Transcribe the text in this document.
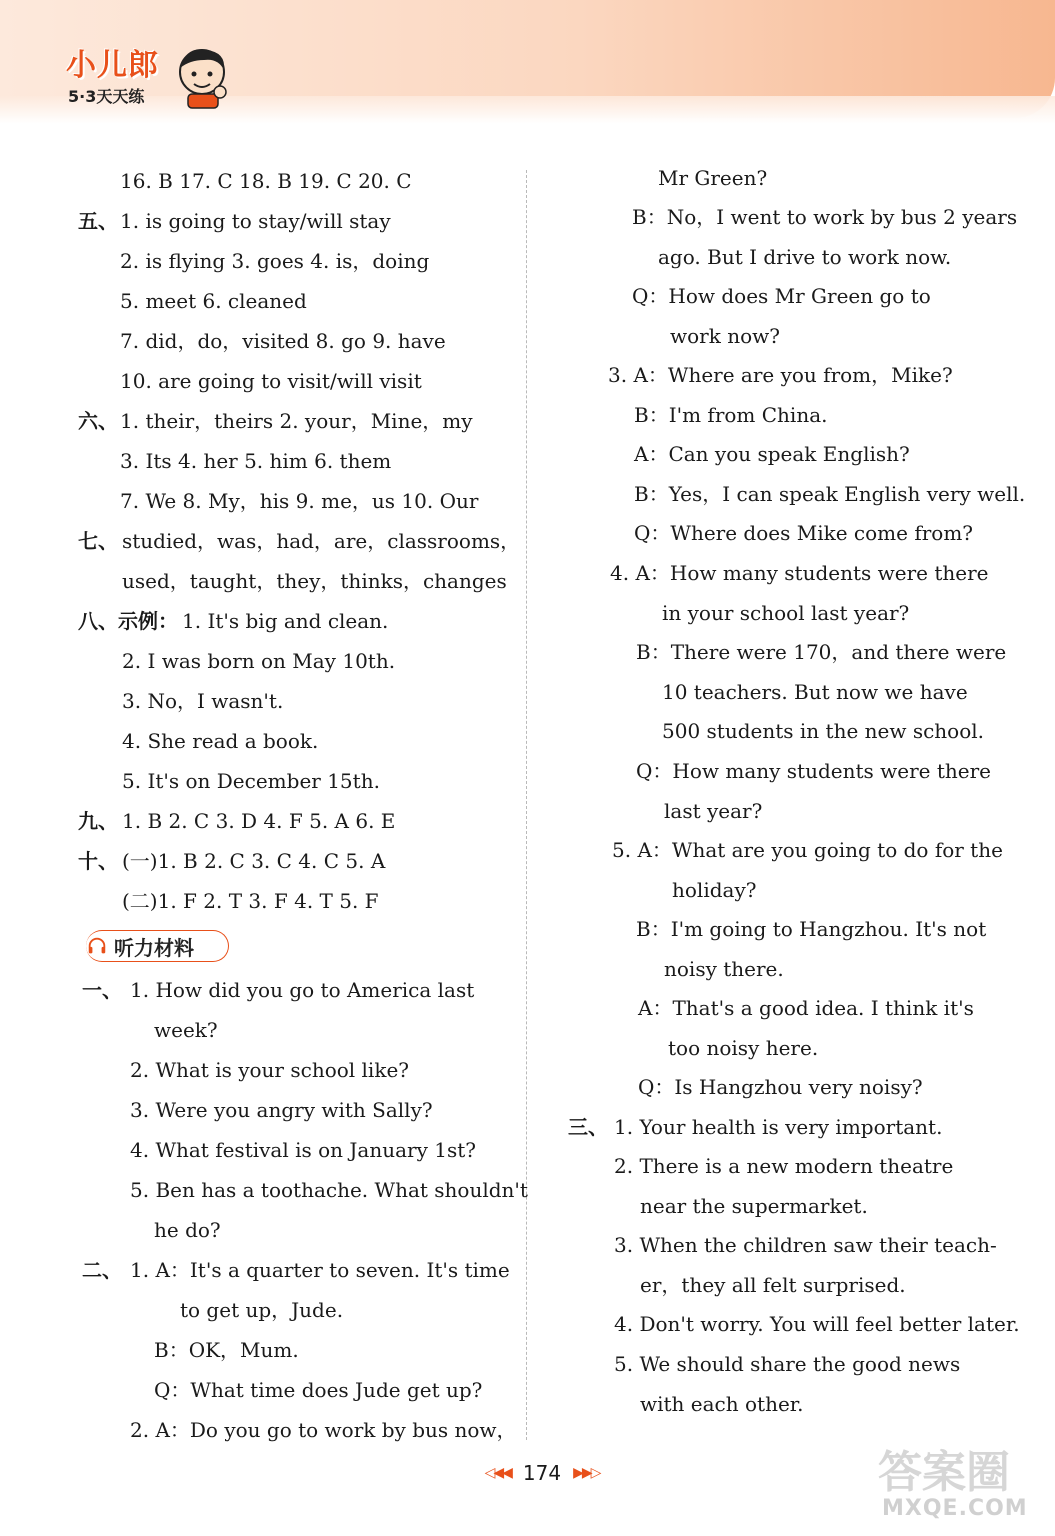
小儿郎
5·3天天练
16. B 17. C 18. B 19. C 20. C
五、 1. is going to stay/will stay
2. is flying 3. goes 4. is，doing
5. meet 6. cleaned
7. did，do，visited 8. go 9. have
10. are going to visit/will visit
六、 1. their，theirs 2. your，Mine，my
3. Its 4. her 5. him 6. them
7. We 8. My，his 9. me，us 10. Our
七、 studied，was，had，are，classrooms，
used，taught，they，thinks，changes
八、示例： 1. It's big and clean.
2. I was born on May 10th.
3. No，I wasn't.
4. She read a book.
5. It's on December 15th.
九、 1. B 2. C 3. D 4. F 5. A 6. E
十、 (一)1. B 2. C 3. C 4. C 5. A
(二)1. F 2. T 3. F 4. T 5. F
听力材料
一、 1. How did you go to America last
week?
2. What is your school like?
3. Were you angry with Sally?
4. What festival is on January 1st?
5. Ben has a toothache. What shouldn't
he do?
二、 1. A：It's a quarter to seven. It's time
to get up，Jude.
B：OK，Mum.
Q：What time does Jude get up?
2. A：Do you go to work by bus now，
Mr Green?
B：No，I went to work by bus 2 years
ago. But I drive to work now.
Q：How does Mr Green go to
work now?
3. A：Where are you from，Mike?
B：I'm from China.
A：Can you speak English?
B：Yes，I can speak English very well.
Q：Where does Mike come from?
4. A：How many students were there
in your school last year?
B：There were 170，and there were
10 teachers. But now we have
500 students in the new school.
Q：How many students were there
last year?
5. A：What are you going to do for the
holiday?
B：I'm going to Hangzhou. It's not
noisy there.
A：That's a good idea. I think it's
too noisy here.
Q：Is Hangzhou very noisy?
三、 1. Your health is very important.
2. There is a new modern theatre
near the supermarket.
3. When the children saw their teach-
er，they all felt surprised.
4. Don't worry. You will feel better later.
5. We should share the good news
with each other.
◁◀◀ 174 ▶▶▷	答案圈
MXQE.COM
